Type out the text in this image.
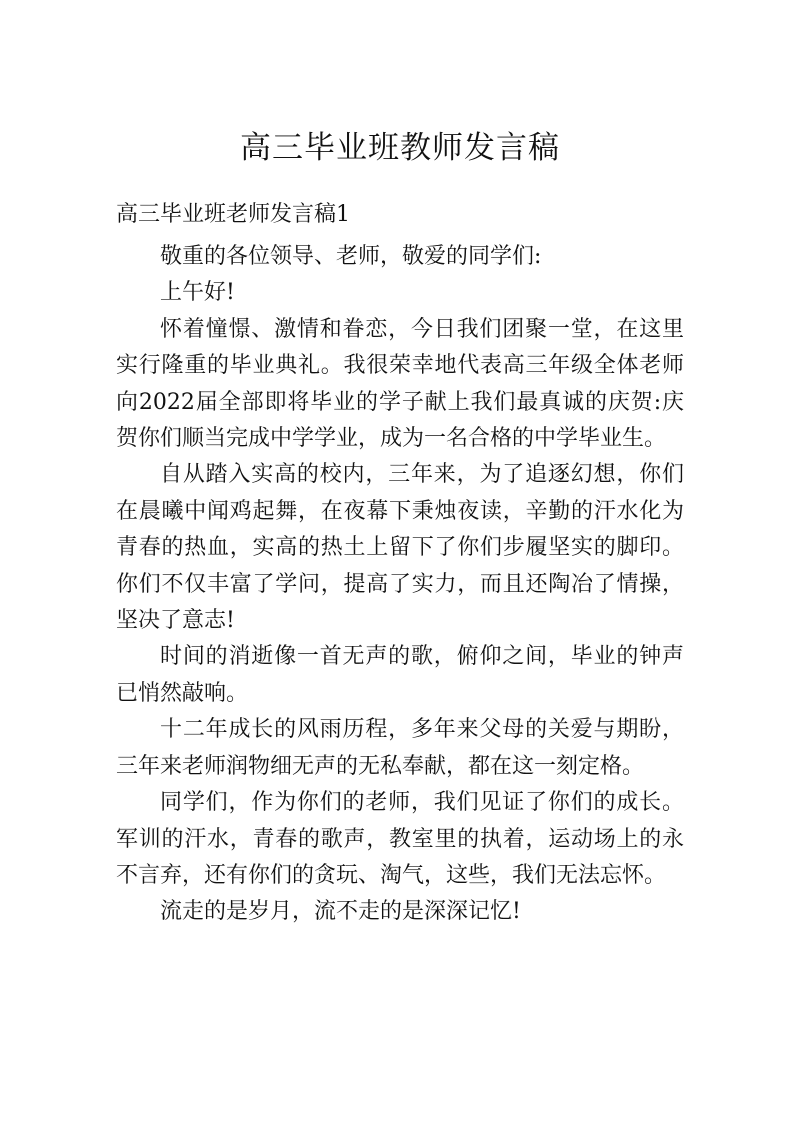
高三毕业班教师发言稿

高三毕业班老师发言稿1

敬重的各位领导、老师，敬爱的同学们:

上午好!

怀着憧憬、激情和眷恋，今日我们团聚一堂，在这里实行隆重的毕业典礼。我很荣幸地代表高三年级全体老师向2022届全部即将毕业的学子献上我们最真诚的庆贺:庆贺你们顺当完成中学学业，成为一名合格的中学毕业生。

自从踏入实高的校内，三年来，为了追逐幻想，你们在晨曦中闻鸡起舞，在夜幕下秉烛夜读，辛勤的汗水化为青春的热血，实高的热土上留下了你们步履坚实的脚印。你们不仅丰富了学问，提高了实力，而且还陶冶了情操，坚决了意志!

时间的消逝像一首无声的歌，俯仰之间，毕业的钟声已悄然敲响。

十二年成长的风雨历程，多年来父母的关爱与期盼，三年来老师润物细无声的无私奉献，都在这一刻定格。

同学们，作为你们的老师，我们见证了你们的成长。军训的汗水，青春的歌声，教室里的执着，运动场上的永不言弃，还有你们的贪玩、淘气，这些，我们无法忘怀。

流走的是岁月，流不走的是深深记忆!
